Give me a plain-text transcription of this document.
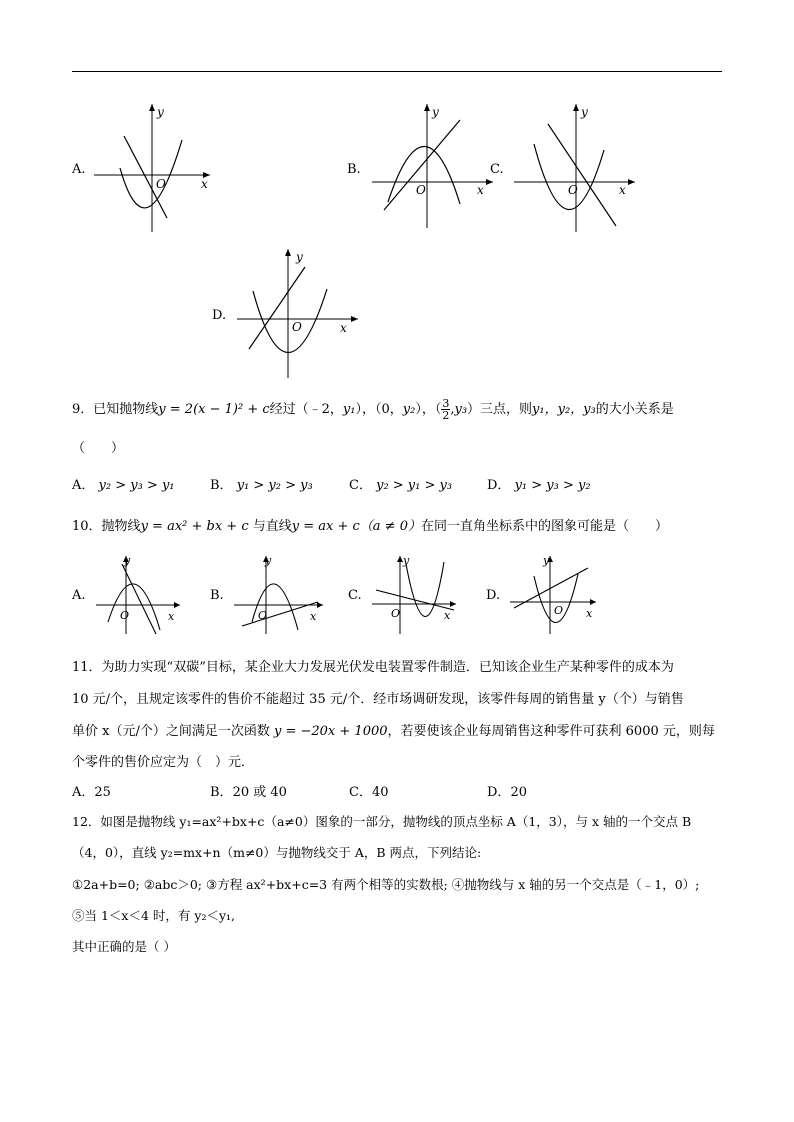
A.
O	x
y
B.
O	x
y
C.
O	x
y
D.
O	x
y
9．已知抛物线y = 2(x − 1)² + c经过（﹣2，y₁），（0，y₂），（ $\frac{3}{2} ,y_3$）三点，则y₁，y₂，y₃的大小关系是
（　　）
A． y₂ > y₃ > y₁	B． y₁ > y₂ > y₃	C． y₂ > y₁ > y₃	D． y₁ > y₃ > y₂
10．抛物线y = ax² + bx + c 与直线y = ax + c（a ≠ 0）在同一直角坐标系中的图象可能是（　　）
A.
O	x
y
B.
O	x
y
C.
O	x
y
D.
O x
y
11．为助力实现“双碳”目标，某企业大力发展光伏发电装置零件制造．已知该企业生产某种零件的成本为
10 元/个，且规定该零件的售价不能超过 35 元/个．经市场调研发现，该零件每周的销售量 y（个）与销售
单价 x（元/个）之间满足一次函数 y = −20x + 1000，若要使该企业每周销售这种零件可获利 6000 元，则每
个零件的售价应定为（　）元．
A．25	B．20 或 40	C．40	D．20
12．如图是抛物线 y₁=ax²+bx+c（a≠0）图象的一部分，抛物线的顶点坐标 A（1，3），与 x 轴的一个交点 B
（4，0），直线 y₂=mx+n（m≠0）与抛物线交于 A，B 两点，下列结论:
①2a+b=0; ②abc＞0; ③方程 ax²+bx+c=3 有两个相等的实数根; ④抛物线与 x 轴的另一个交点是（﹣1，0）;
⑤当 1＜x＜4 时，有 y₂＜y₁,
其中正确的是（ ）
